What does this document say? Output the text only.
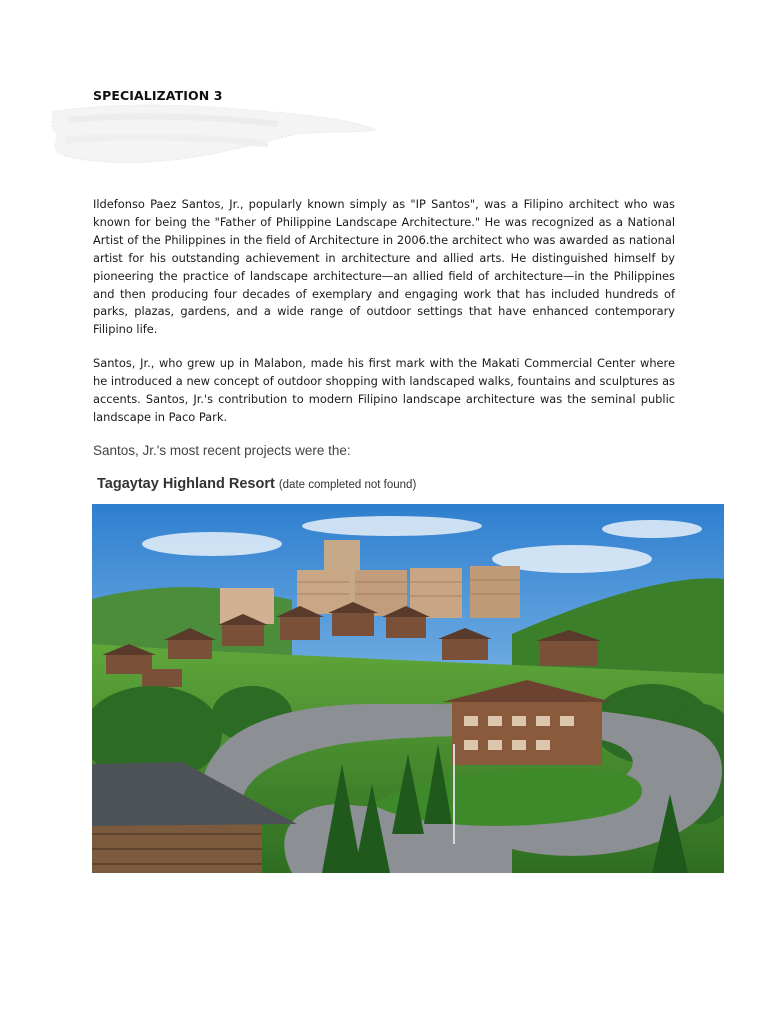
SPECIALIZATION 3
Ildefonso Paez Santos, Jr., popularly known simply as "IP Santos", was a Filipino architect who was known for being the "Father of Philippine Landscape Architecture." He was recognized as a National Artist of the Philippines in the field of Architecture in 2006.the architect who was awarded as national artist for his outstanding achievement in architecture and allied arts. He distinguished himself by pioneering the practice of landscape architecture—an allied field of architecture—in the Philippines and then producing four decades of exemplary and engaging work that has included hundreds of parks, plazas, gardens, and a wide range of outdoor settings that have enhanced contemporary Filipino life.
Santos, Jr., who grew up in Malabon, made his first mark with the Makati Commercial Center where he introduced a new concept of outdoor shopping with landscaped walks, fountains and sculptures as accents. Santos, Jr.'s contribution to modern Filipino landscape architecture was the seminal public landscape in Paco Park.
Santos, Jr.'s most recent projects were the:
Tagaytay Highland Resort (date completed not found)
